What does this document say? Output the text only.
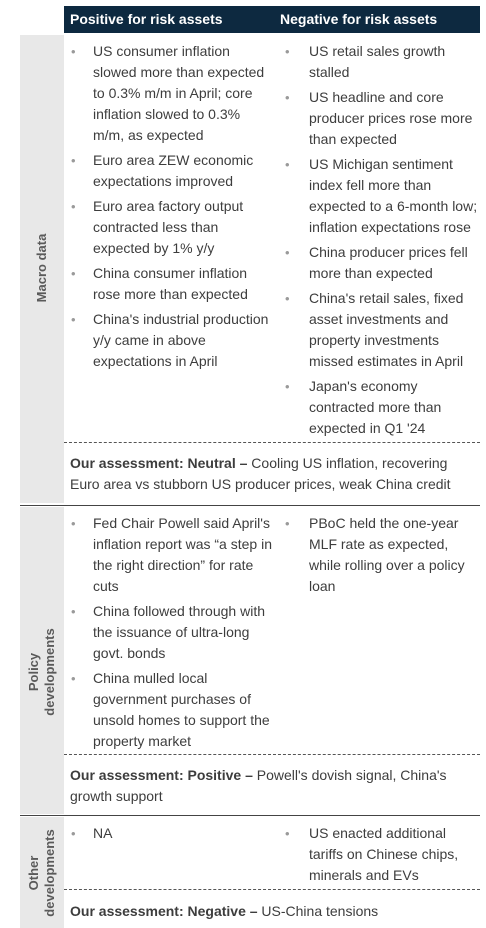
Positive for risk assets	Negative for risk assets
Macro data
• US consumer inflation slowed more than expected to 0.3% m/m in April; core inflation slowed to 0.3% m/m, as expected
• Euro area ZEW economic expectations improved
• Euro area factory output contracted less than expected by 1% y/y
• China consumer inflation rose more than expected
• China's industrial production y/y came in above expectations in April
• US retail sales growth stalled
• US headline and core producer prices rose more than expected
• US Michigan sentiment index fell more than expected to a 6-month low; inflation expectations rose
• China producer prices fell more than expected
• China's retail sales, fixed asset investments and property investments missed estimates in April
• Japan's economy contracted more than expected in Q1 '24
Our assessment: Neutral – Cooling US inflation, recovering Euro area vs stubborn US producer prices, weak China credit
Policy developments
• Fed Chair Powell said April's inflation report was “a step in the right direction” for rate cuts
• China followed through with the issuance of ultra-long govt. bonds
• China mulled local government purchases of unsold homes to support the property market
• PBoC held the one-year MLF rate as expected, while rolling over a policy loan
Our assessment: Positive – Powell's dovish signal, China's growth support
Other developments • NA	• US enacted additional tariffs on Chinese chips, minerals and EVs
Our assessment: Negative – US-China tensions
